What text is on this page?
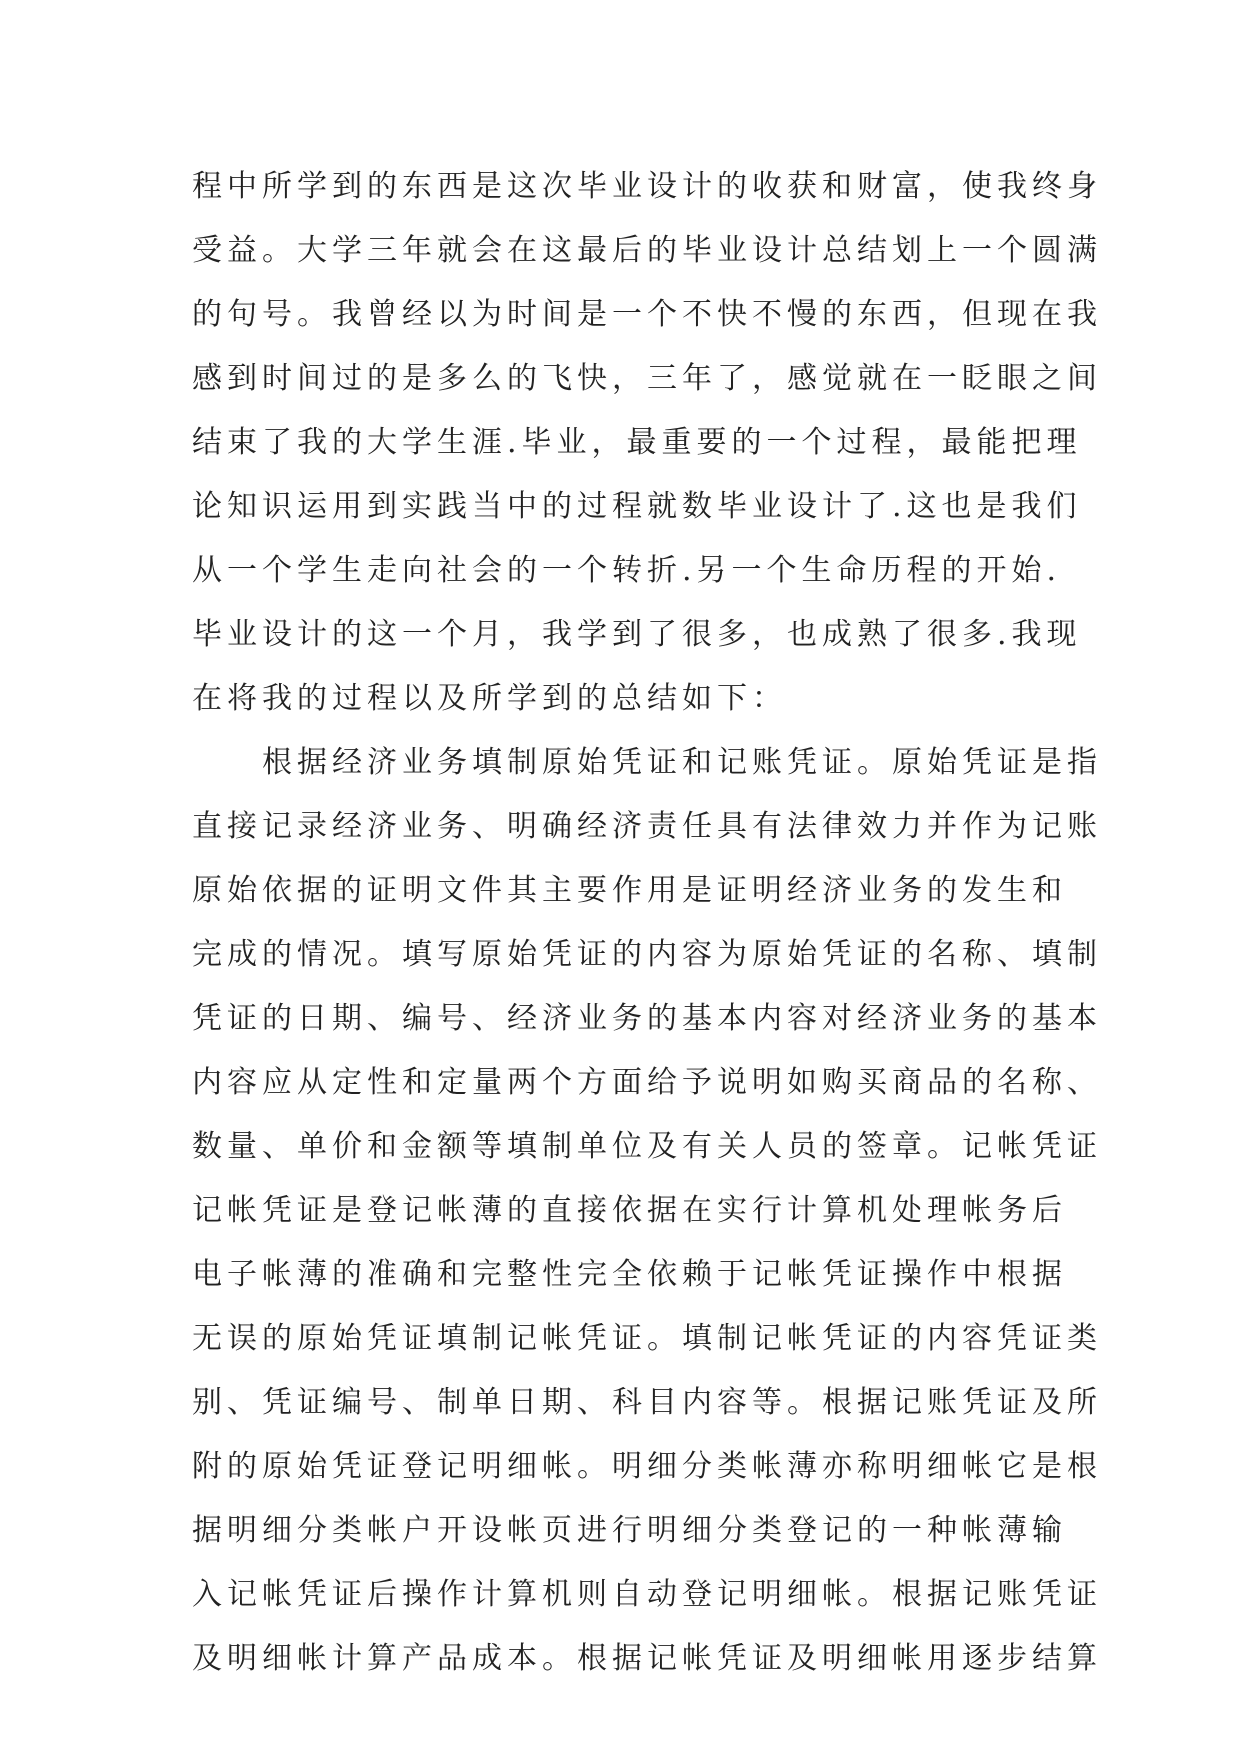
程中所学到的东西是这次毕业设计的收获和财富，使我终身
受益。大学三年就会在这最后的毕业设计总结划上一个圆满
的句号。我曾经以为时间是一个不快不慢的东西，但现在我
感到时间过的是多么的飞快，三年了，感觉就在一眨眼之间
结束了我的大学生涯.毕业，最重要的一个过程，最能把理
论知识运用到实践当中的过程就数毕业设计了.这也是我们
从一个学生走向社会的一个转折.另一个生命历程的开始.
毕业设计的这一个月，我学到了很多，也成熟了很多.我现
在将我的过程以及所学到的总结如下：
　　根据经济业务填制原始凭证和记账凭证。原始凭证是指
直接记录经济业务、明确经济责任具有法律效力并作为记账
原始依据的证明文件其主要作用是证明经济业务的发生和
完成的情况。填写原始凭证的内容为原始凭证的名称、填制
凭证的日期、编号、经济业务的基本内容对经济业务的基本
内容应从定性和定量两个方面给予说明如购买商品的名称、
数量、单价和金额等填制单位及有关人员的签章。记帐凭证
记帐凭证是登记帐薄的直接依据在实行计算机处理帐务后
电子帐薄的准确和完整性完全依赖于记帐凭证操作中根据
无误的原始凭证填制记帐凭证。填制记帐凭证的内容凭证类
别、凭证编号、制单日期、科目内容等。根据记账凭证及所
附的原始凭证登记明细帐。明细分类帐薄亦称明细帐它是根
据明细分类帐户开设帐页进行明细分类登记的一种帐薄输
入记帐凭证后操作计算机则自动登记明细帐。根据记账凭证
及明细帐计算产品成本。根据记帐凭证及明细帐用逐步结算
